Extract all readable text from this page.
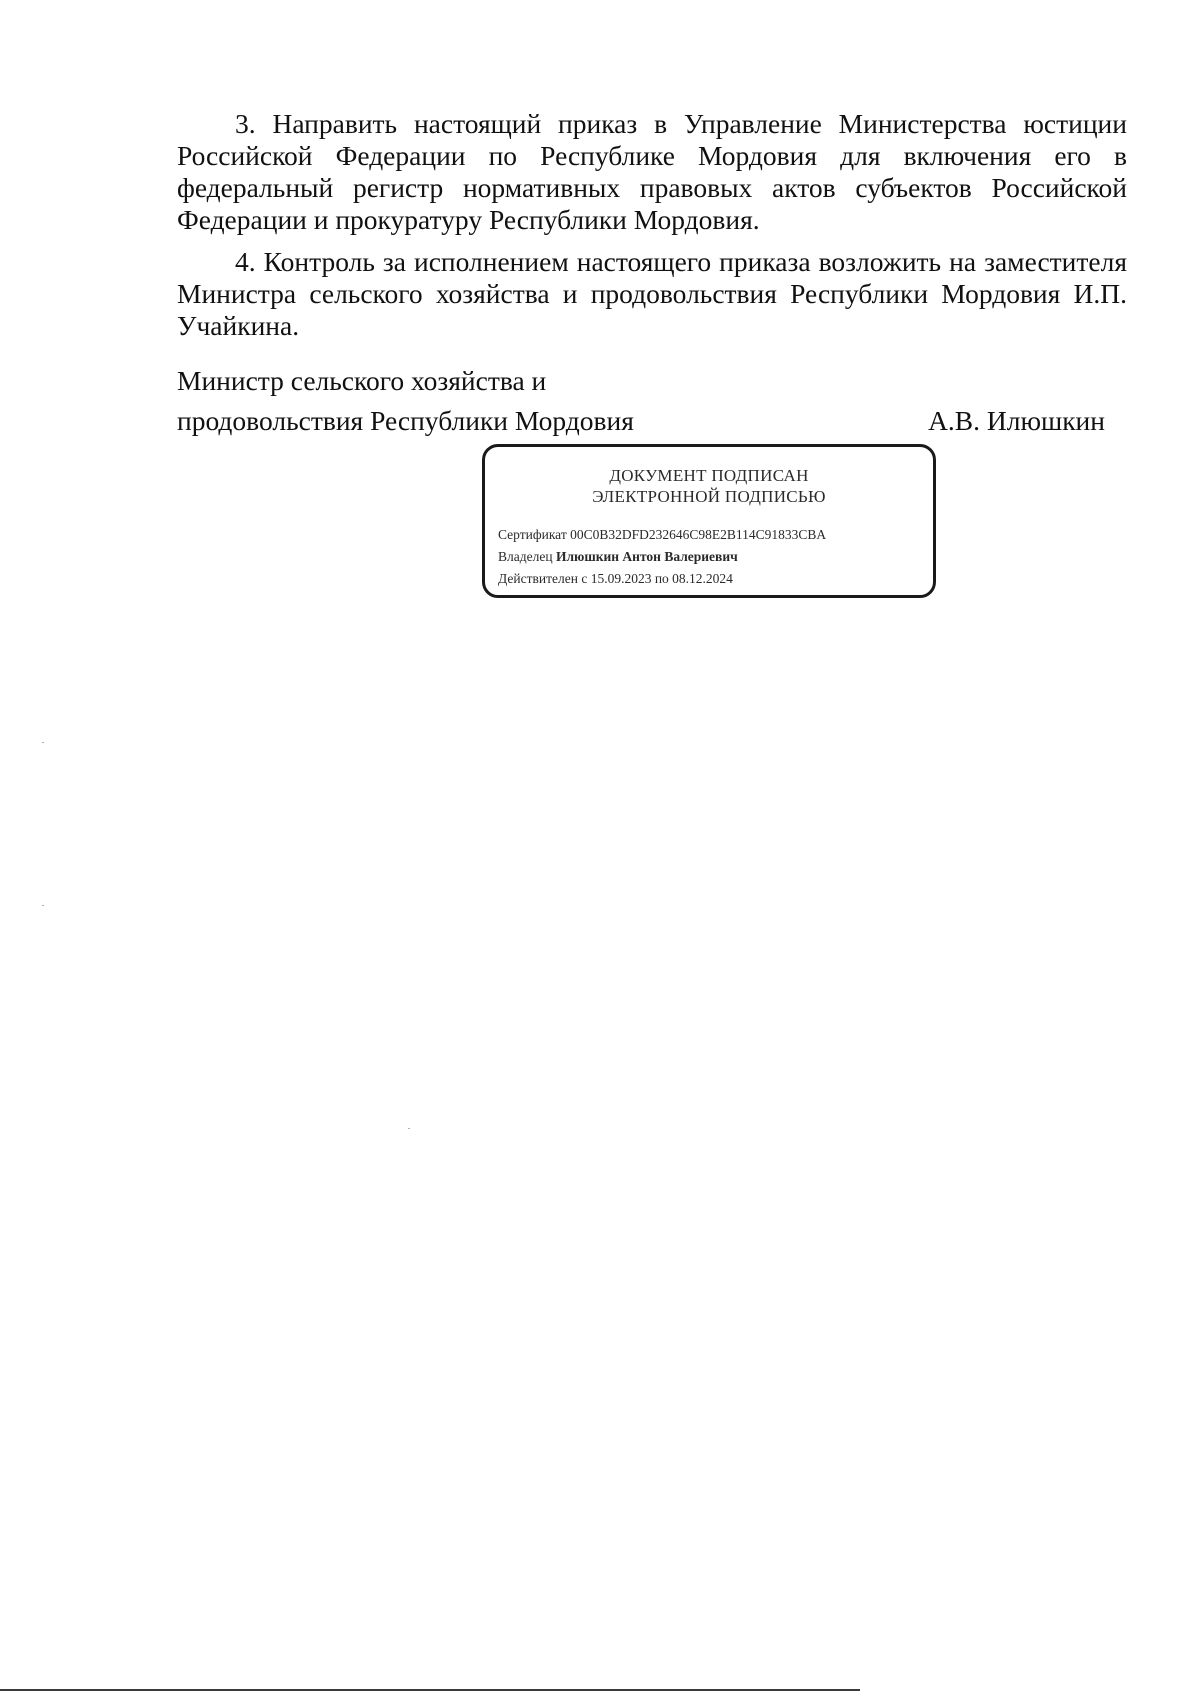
3. Направить настоящий приказ в Управление Министерства юстиции Российской Федерации по Республике Мордовия для включения его в федеральный регистр нормативных правовых актов субъектов Российской Федерации и прокуратуру Республики Мордовия.

4. Контроль за исполнением настоящего приказа возложить на заместителя Министра сельского хозяйства и продовольствия Республики Мордовия И.П. Учайкина.

Министр сельского хозяйства и
продовольствия Республики Мордовия	А.В. Илюшкин
ДОКУМЕНТ ПОДПИСАН
ЭЛЕКТРОННОЙ ПОДПИСЬЮ
Сертификат 00C0B32DFD232646C98E2B114C91833CBA
Владелец Илюшкин Антон Валериевич
Действителен с 15.09.2023 по 08.12.2024
